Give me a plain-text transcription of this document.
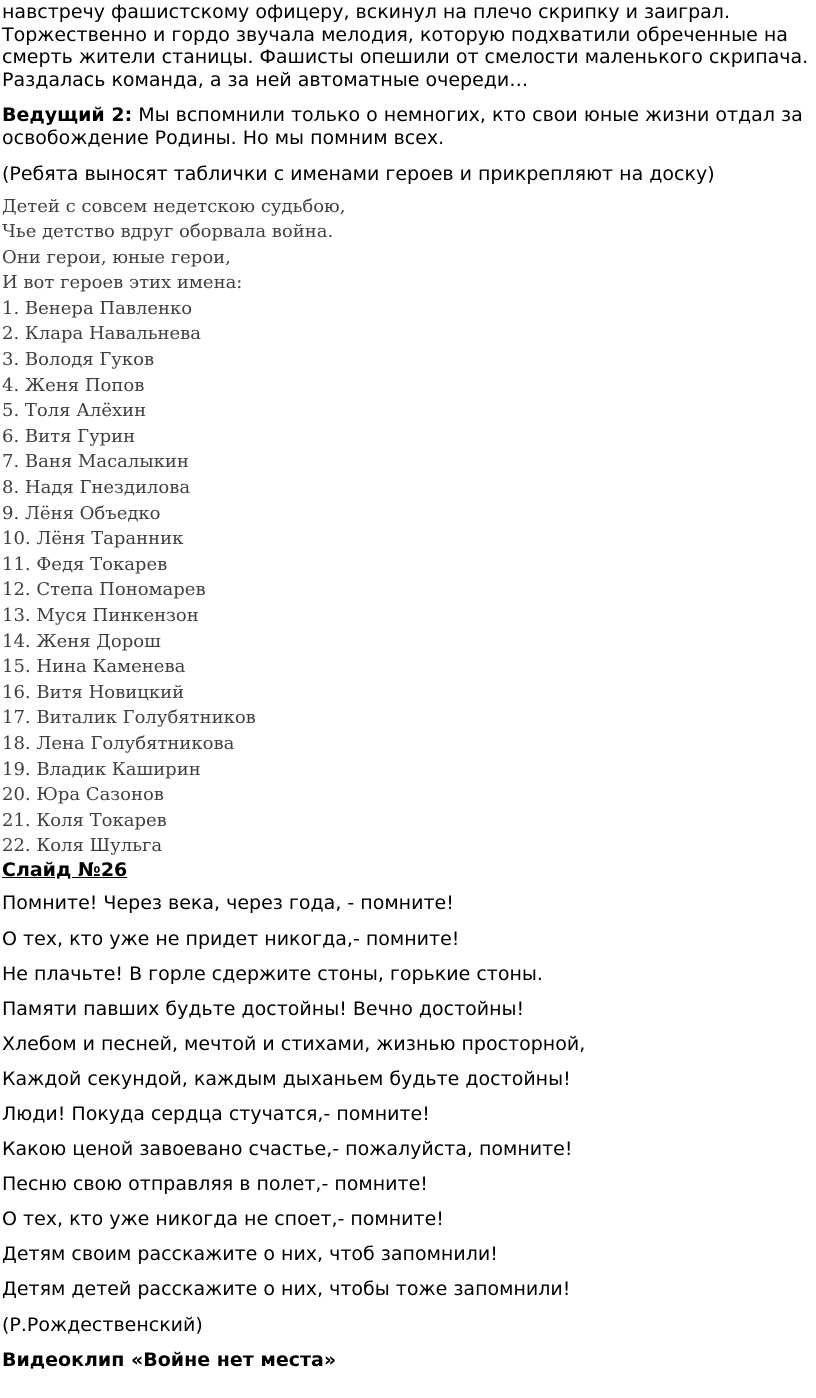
навстречу фашистскому офицеру, вскинул на плечо скрипку и заиграл.
Торжественно и гордо звучала мелодия, которую подхватили обреченные на
смерть жители станицы. Фашисты опешили от смелости маленького скрипача.
Раздалась команда, а за ней автоматные очереди…
Ведущий 2: Мы вспомнили только о немногих, кто свои юные жизни отдал за
освобождение Родины. Но мы помним всех.
(Ребята выносят таблички с именами героев и прикрепляют на доску)
Детей с совсем недетскою судьбою,
Чье детство вдруг оборвала война.
Они герои, юные герои,
И вот героев этих имена:
1. Венера Павленко
2. Клара Навальнева
3. Володя Гуков
4. Женя Попов
5. Толя Алёхин
6. Витя Гурин
7. Ваня Масалыкин
8. Надя Гнездилова
9. Лёня Объедко
10. Лёня Таранник
11. Федя Токарев
12. Степа Пономарев
13. Муся Пинкензон
14. Женя Дорош
15. Нина Каменева
16. Витя Новицкий
17. Виталик Голубятников
18. Лена Голубятникова
19. Владик Каширин
20. Юра Сазонов
21. Коля Токарев
22. Коля Шульга
Слайд №26
Помните! Через века, через года, - помните!
О тех, кто уже не придет никогда,- помните!
Не плачьте! В горле сдержите стоны, горькие стоны.
Памяти павших будьте достойны! Вечно достойны!
Хлебом и песней, мечтой и стихами, жизнью просторной,
Каждой секундой, каждым дыханьем будьте достойны!
Люди! Покуда сердца стучатся,- помните!
Какою ценой завоевано счастье,- пожалуйста, помните!
Песню свою отправляя в полет,- помните!
О тех, кто уже никогда не споет,- помните!
Детям своим расскажите о них, чтоб запомнили!
Детям детей расскажите о них, чтобы тоже запомнили!
(Р.Рождественский)
Видеоклип «Войне нет места»
